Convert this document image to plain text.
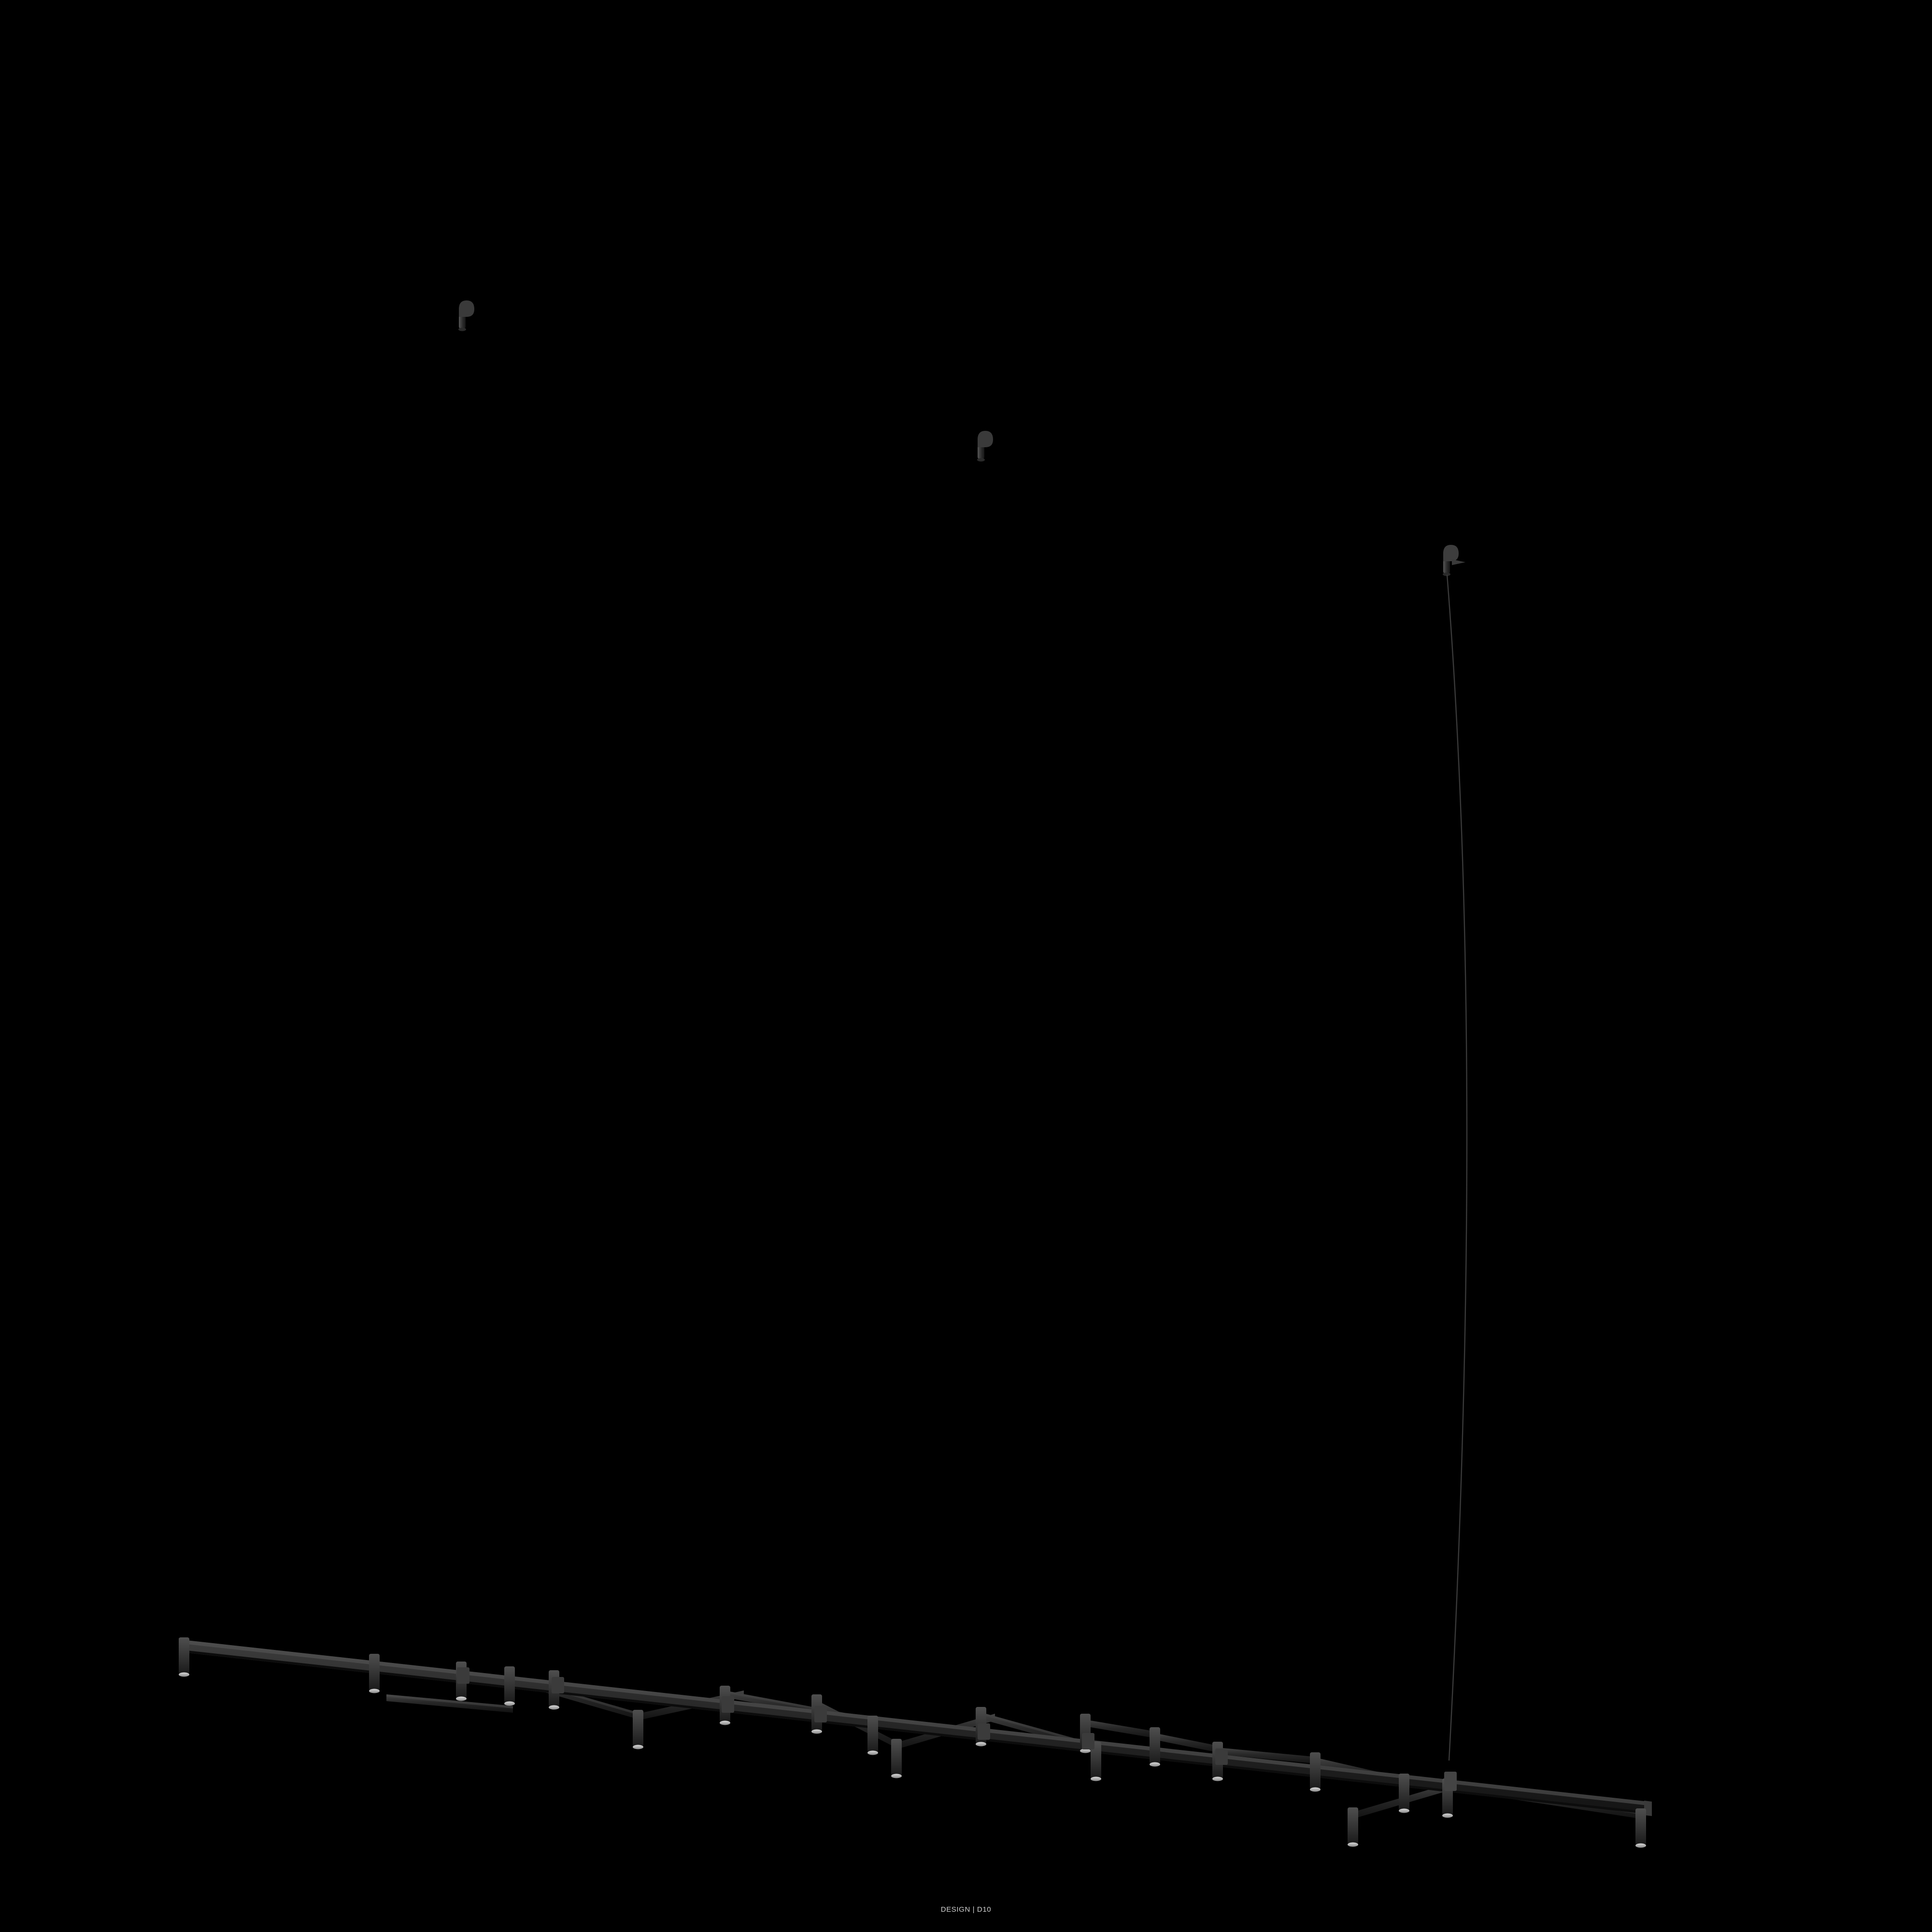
DESIGN | D10
